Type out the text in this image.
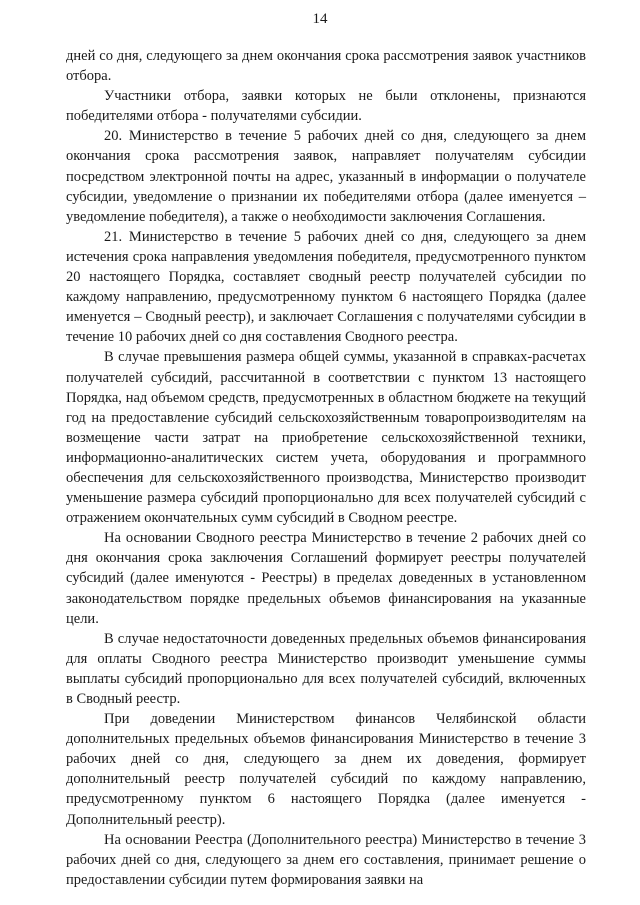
14

дней со дня, следующего за днем окончания срока рассмотрения заявок участников отбора.

Участники отбора, заявки которых не были отклонены, признаются победителями отбора - получателями субсидии.

20. Министерство в течение 5 рабочих дней со дня, следующего за днем окончания срока рассмотрения заявок, направляет получателям субсидии посредством электронной почты на адрес, указанный в информации о получателе субсидии, уведомление о признании их победителями отбора (далее именуется – уведомление победителя), а также о необходимости заключения Соглашения.

21. Министерство в течение 5 рабочих дней со дня, следующего за днем истечения срока направления уведомления победителя, предусмотренного пунктом 20 настоящего Порядка, составляет сводный реестр получателей субсидии по каждому направлению, предусмотренному пунктом 6 настоящего Порядка (далее именуется – Сводный реестр), и заключает Соглашения с получателями субсидии в течение 10 рабочих дней со дня составления Сводного реестра.

В случае превышения размера общей суммы, указанной в справках-расчетах получателей субсидий, рассчитанной в соответствии с пунктом 13 настоящего Порядка, над объемом средств, предусмотренных в областном бюджете на текущий год на предоставление субсидий сельскохозяйственным товаропроизводителям на возмещение части затрат на приобретение сельскохозяйственной техники, информационно-аналитических систем учета, оборудования и программного обеспечения для сельскохозяйственного производства, Министерство производит уменьшение размера субсидий пропорционально для всех получателей субсидий с отражением окончательных сумм субсидий в Сводном реестре.

На основании Сводного реестра Министерство в течение 2 рабочих дней со дня окончания срока заключения Соглашений формирует реестры получателей субсидий (далее именуются - Реестры) в пределах доведенных в установленном законодательством порядке предельных объемов финансирования на указанные цели.

В случае недостаточности доведенных предельных объемов финансирования для оплаты Сводного реестра Министерство производит уменьшение суммы выплаты субсидий пропорционально для всех получателей субсидий, включенных в Сводный реестр.

При доведении Министерством финансов Челябинской области дополнительных предельных объемов финансирования Министерство в течение 3 рабочих дней со дня, следующего за днем их доведения, формирует дополнительный реестр получателей субсидий по каждому направлению, предусмотренному пунктом 6 настоящего Порядка (далее именуется - Дополнительный реестр).

На основании Реестра (Дополнительного реестра) Министерство в течение 3 рабочих дней со дня, следующего за днем его составления, принимает решение о предоставлении субсидии путем формирования заявки на
